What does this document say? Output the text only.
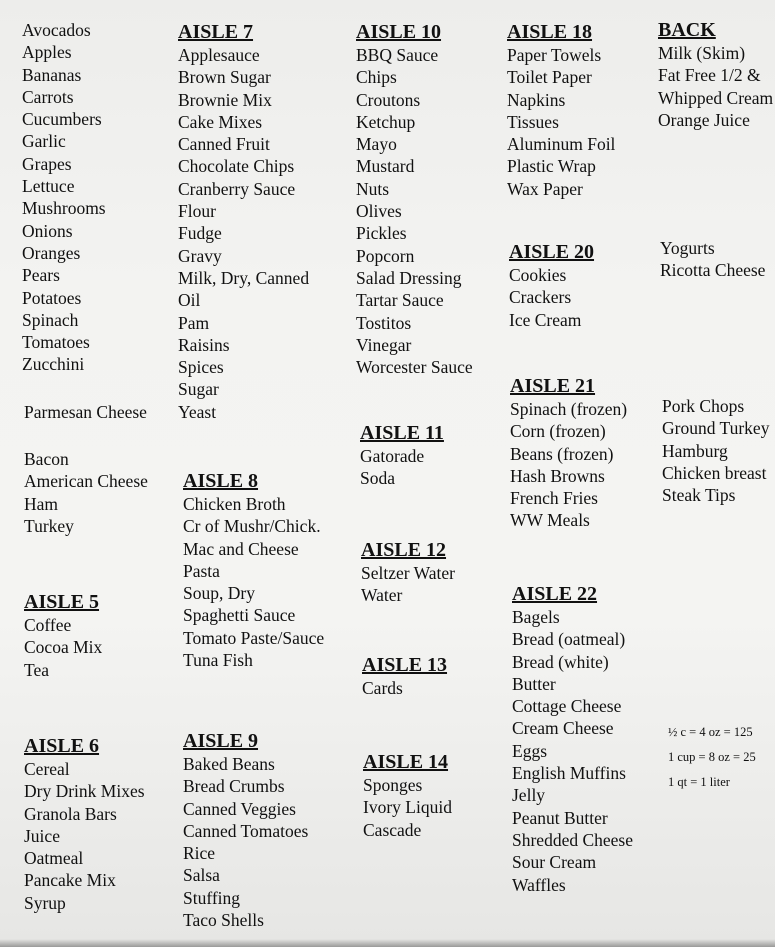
Avocados
Apples
Bananas
Carrots
Cucumbers
Garlic
Grapes
Lettuce
Mushrooms
Onions
Oranges
Pears
Potatoes
Spinach
Tomatoes
Zucchini
Parmesan Cheese
Bacon
American Cheese
Ham
Turkey
AISLE 5
Coffee
Cocoa Mix
Tea
AISLE 6
Cereal
Dry Drink Mixes
Granola Bars
Juice
Oatmeal
Pancake Mix
Syrup
AISLE 7
Applesauce
Brown Sugar
Brownie Mix
Cake Mixes
Canned Fruit
Chocolate Chips
Cranberry Sauce
Flour
Fudge
Gravy
Milk, Dry, Canned
Oil
Pam
Raisins
Spices
Sugar
Yeast
AISLE 8
Chicken Broth
Cr of Mushr/Chick.
Mac and Cheese
Pasta
Soup, Dry
Spaghetti Sauce
Tomato Paste/Sauce
Tuna Fish
AISLE 9
Baked Beans
Bread Crumbs
Canned Veggies
Canned Tomatoes
Rice
Salsa
Stuffing
Taco Shells
AISLE 10
BBQ Sauce
Chips
Croutons
Ketchup
Mayo
Mustard
Nuts
Olives
Pickles
Popcorn
Salad Dressing
Tartar Sauce
Tostitos
Vinegar
Worcester Sauce
AISLE 11
Gatorade
Soda
AISLE 12
Seltzer Water
Water
AISLE 13
Cards
AISLE 14
Sponges
Ivory Liquid
Cascade
AISLE 18
Paper Towels
Toilet Paper
Napkins
Tissues
Aluminum Foil
Plastic Wrap
Wax Paper
AISLE 20
Cookies
Crackers
Ice Cream
AISLE 21
Spinach (frozen)
Corn (frozen)
Beans (frozen)
Hash Browns
French Fries
WW Meals
AISLE 22
Bagels
Bread (oatmeal)
Bread (white)
Butter
Cottage Cheese
Cream Cheese
Eggs
English Muffins
Jelly
Peanut Butter
Shredded Cheese
Sour Cream
Waffles
BACK
Milk (Skim)
Fat Free 1/2 &
Whipped Cream
Orange Juice
Yogurts
Ricotta Cheese
Pork Chops
Ground Turkey
Hamburg
Chicken breast
Steak Tips
½ c = 4 oz = 125
1 cup = 8 oz = 25
1 qt = 1 liter
